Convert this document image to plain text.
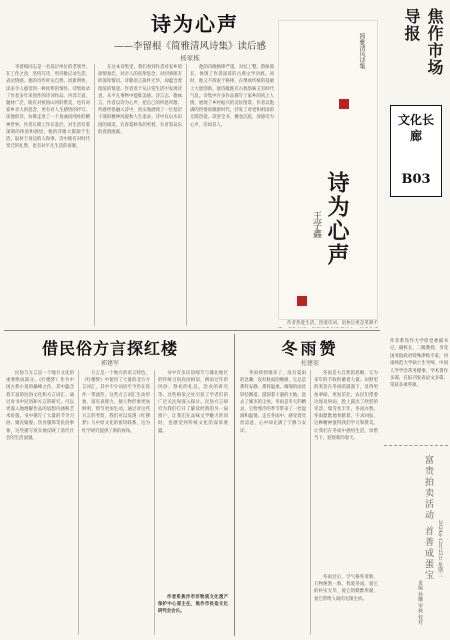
诗为心声
——李留根《简雅清风诗集》读后感
杨家栋

李留根同志是一名基层单位的老领导，在工作之余，坚持写诗，用诗歌记录生活，表达情感。他的诗作朴实自然，清新明快，读来令人感受到一种真挚的情怀。诗集收录了作者多年来创作的诗词作品，内容丰富，题材广泛，既有对祖国山河的赞美，也有对家乡亲人的思念，更有对人生感悟的抒写。读他的诗，仿佛走进了一个真诚而纯朴的精神世界。作者长期工作在基层，对生活有着深刻的体验和感悟，他的诗歌大都源于生活，取材于身边的人和事。诗中既有对时代变迁的礼赞，也有对平凡生活的讴歌。

在这本诗集里，我们看到作者对家乡的深情眷恋，对亲人的真挚思念，对同事朋友的深厚情谊。诗歌语言质朴无华，却蕴含着浓浓的情意。作者善于从日常生活中发现诗意，从平凡事物中提炼美感。诗言志，歌咏言，作者以诗为心声，把自己的所思所想、所感所悟融入诗中，真实地展现了一位基层干部的精神风貌和人生追求。诗中有山水田园的闲适，有春夏秋冬的更替，有喜怒哀乐的真情流露。

他的诗歌格律严谨，对仗工整，韵味悠长，体现了作者深厚的古典文学功底。同时，他又不拘泥于格律，在继承传统的基础上大胆创新，使诗歌既有古典韵味又有时代气息。诗集中许多作品描写了家乡的风土人情，展现了乡村振兴的美好图景。作者以饱满的热情讴歌新时代，抒发了对党和祖国的无限热爱。读罢全书，掩卷沉思，深感诗为心声，诗如其人。

简雅清风诗集
诗为心声
王学鑫
焦作市场导报
文化长廊
B03
作者系焦作大学原党委副书记、副校长，二级教授，享受国务院政府特殊津贴专家，河南师范大学硕士生导师，中国人学学会常务理事。学术著作多部，在报刊发表论文多篇，荣获多项奖项。
富贵拍卖活动 首善成蛋宝
责编 孙娜 审核 校对
2024年12月25日 星期三
借民俗方言探红楼
郭建军

民俗与方言是一个地方文化的重要组成部分。《红楼梦》作为中国古典小说的巅峰之作，其中蕴含着丰富的民俗文化和方言词汇。通过对书中民俗和方言的研究，可以更深入地理解作品的思想内涵和艺术价值。书中描写了大量的节令习俗、婚丧嫁娶、饮食服饰等民俗事象，这些描写真实地反映了清代社会的生活面貌。

方言是一个地方的语言特色，《红楼梦》中使用了大量的北方方言词汇，其中不少词语至今仍在焦作一带流传。这些方言词汇生动形象，富有表现力，使人物形象更加鲜明，情节更加生动。通过对这些方言的考察，我们可以发现《红楼梦》与中原文化的密切联系，这为红学研究提供了新的视角。

书中许多民俗细节与豫北地区的传统习俗高度相似，例如过年的风俗、祭祀的礼仪、饮食的讲究等。这些相似之处引发了学者们的广泛关注和深入探讨。民俗方言研究为我们打开了解读经典的另一扇窗户，让我们在品味文学魅力的同时，也感受到传统文化的深厚底蕴。

作者系焦作市非物质文化遗产保护中心原主任，焦作市民俗文化研究会会长。

冬雨赞
杜建宏

冬雨悄悄地来了，没有夏雨的急骤，没有秋雨的缠绵，它总是那样安静，那样温柔。细细的雨丝轻轻飘落，滋润着干涸的大地，洗去了城市的尘埃。冬雨是冬天的精灵，它给寒冷的季节带来了一丝湿润和温情。走在冬雨中，感受着丝丝凉意，心中却充满了宁静与安详。

冬雨是大自然的恩赐，它为来年的丰收积蓄着力量。田野里的麦苗在冬雨的滋润下，显得更加翠绿，更加茁壮。农民们望着这场及时雨，脸上露出了欣慰的笑容。瑞雪兆丰年，冬雨亦然。冬雨默默地奉献着，不求回报，这种精神值得我们学习和赞美。让我们在冬雨中感悟生活，珍惜当下，迎接新的春天。

冬雨过后，空气格外清新，万物焕然一新。我爱冬雨，爱它的朴实无华，爱它的默默奉献，爱它带给人间的无限生机。

作者热爱生活，热爱诗词，退休后更是笔耕不
